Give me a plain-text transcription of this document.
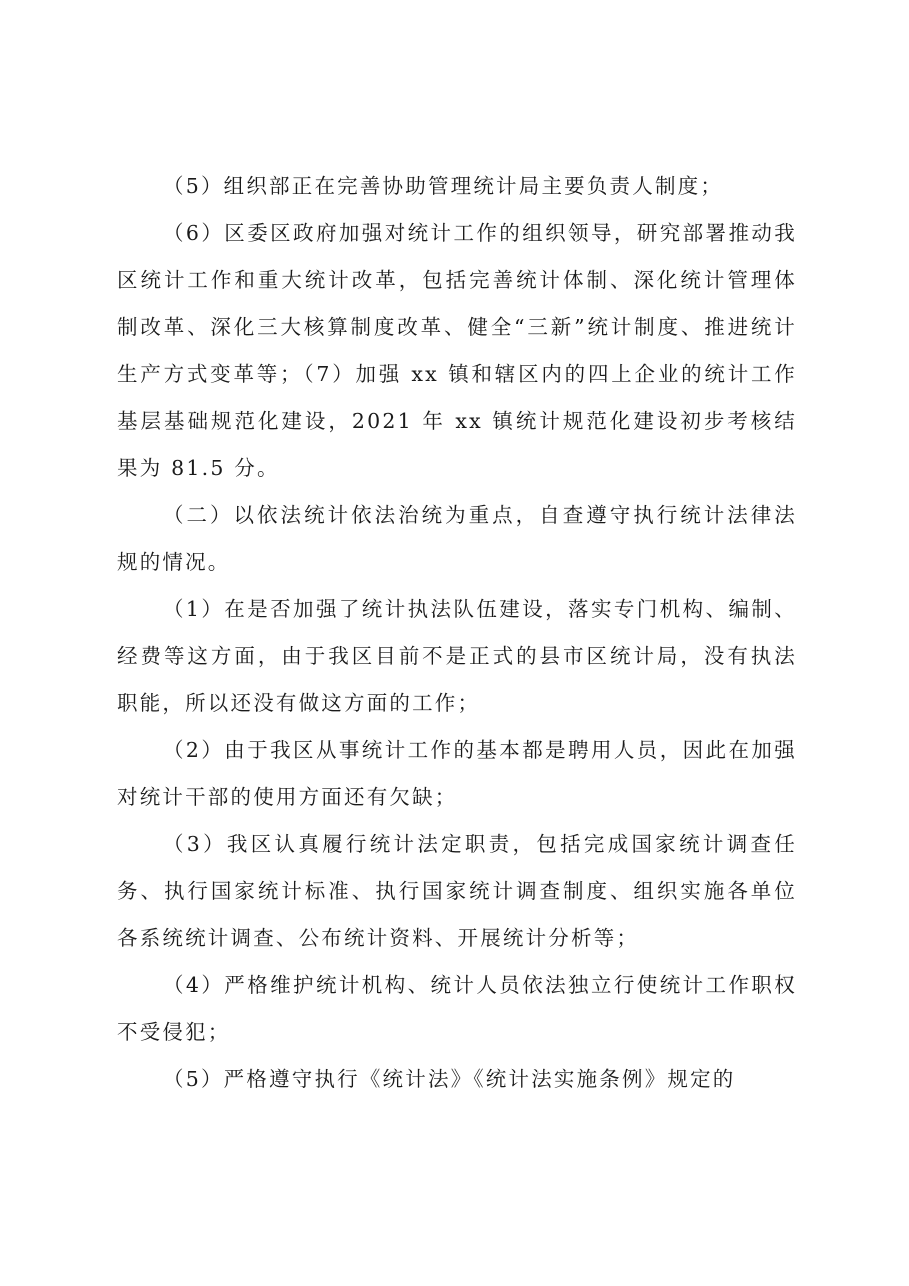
（5）组织部正在完善协助管理统计局主要负责人制度；

（6）区委区政府加强对统计工作的组织领导，研究部署推动我区统计工作和重大统计改革，包括完善统计体制、深化统计管理体制改革、深化三大核算制度改革、健全“三新”统计制度、推进统计生产方式变革等；（7）加强 xx 镇和辖区内的四上企业的统计工作基层基础规范化建设，2021 年 xx 镇统计规范化建设初步考核结果为 81.5 分。

（二）以依法统计依法治统为重点，自查遵守执行统计法律法规的情况。

（1）在是否加强了统计执法队伍建设，落实专门机构、编制、经费等这方面，由于我区目前不是正式的县市区统计局，没有执法职能，所以还没有做这方面的工作；

（2）由于我区从事统计工作的基本都是聘用人员，因此在加强对统计干部的使用方面还有欠缺；

（3）我区认真履行统计法定职责，包括完成国家统计调查任务、执行国家统计标准、执行国家统计调查制度、组织实施各单位各系统统计调查、公布统计资料、开展统计分析等；

（4）严格维护统计机构、统计人员依法独立行使统计工作职权不受侵犯；

（5）严格遵守执行《统计法》《统计法实施条例》规定的
